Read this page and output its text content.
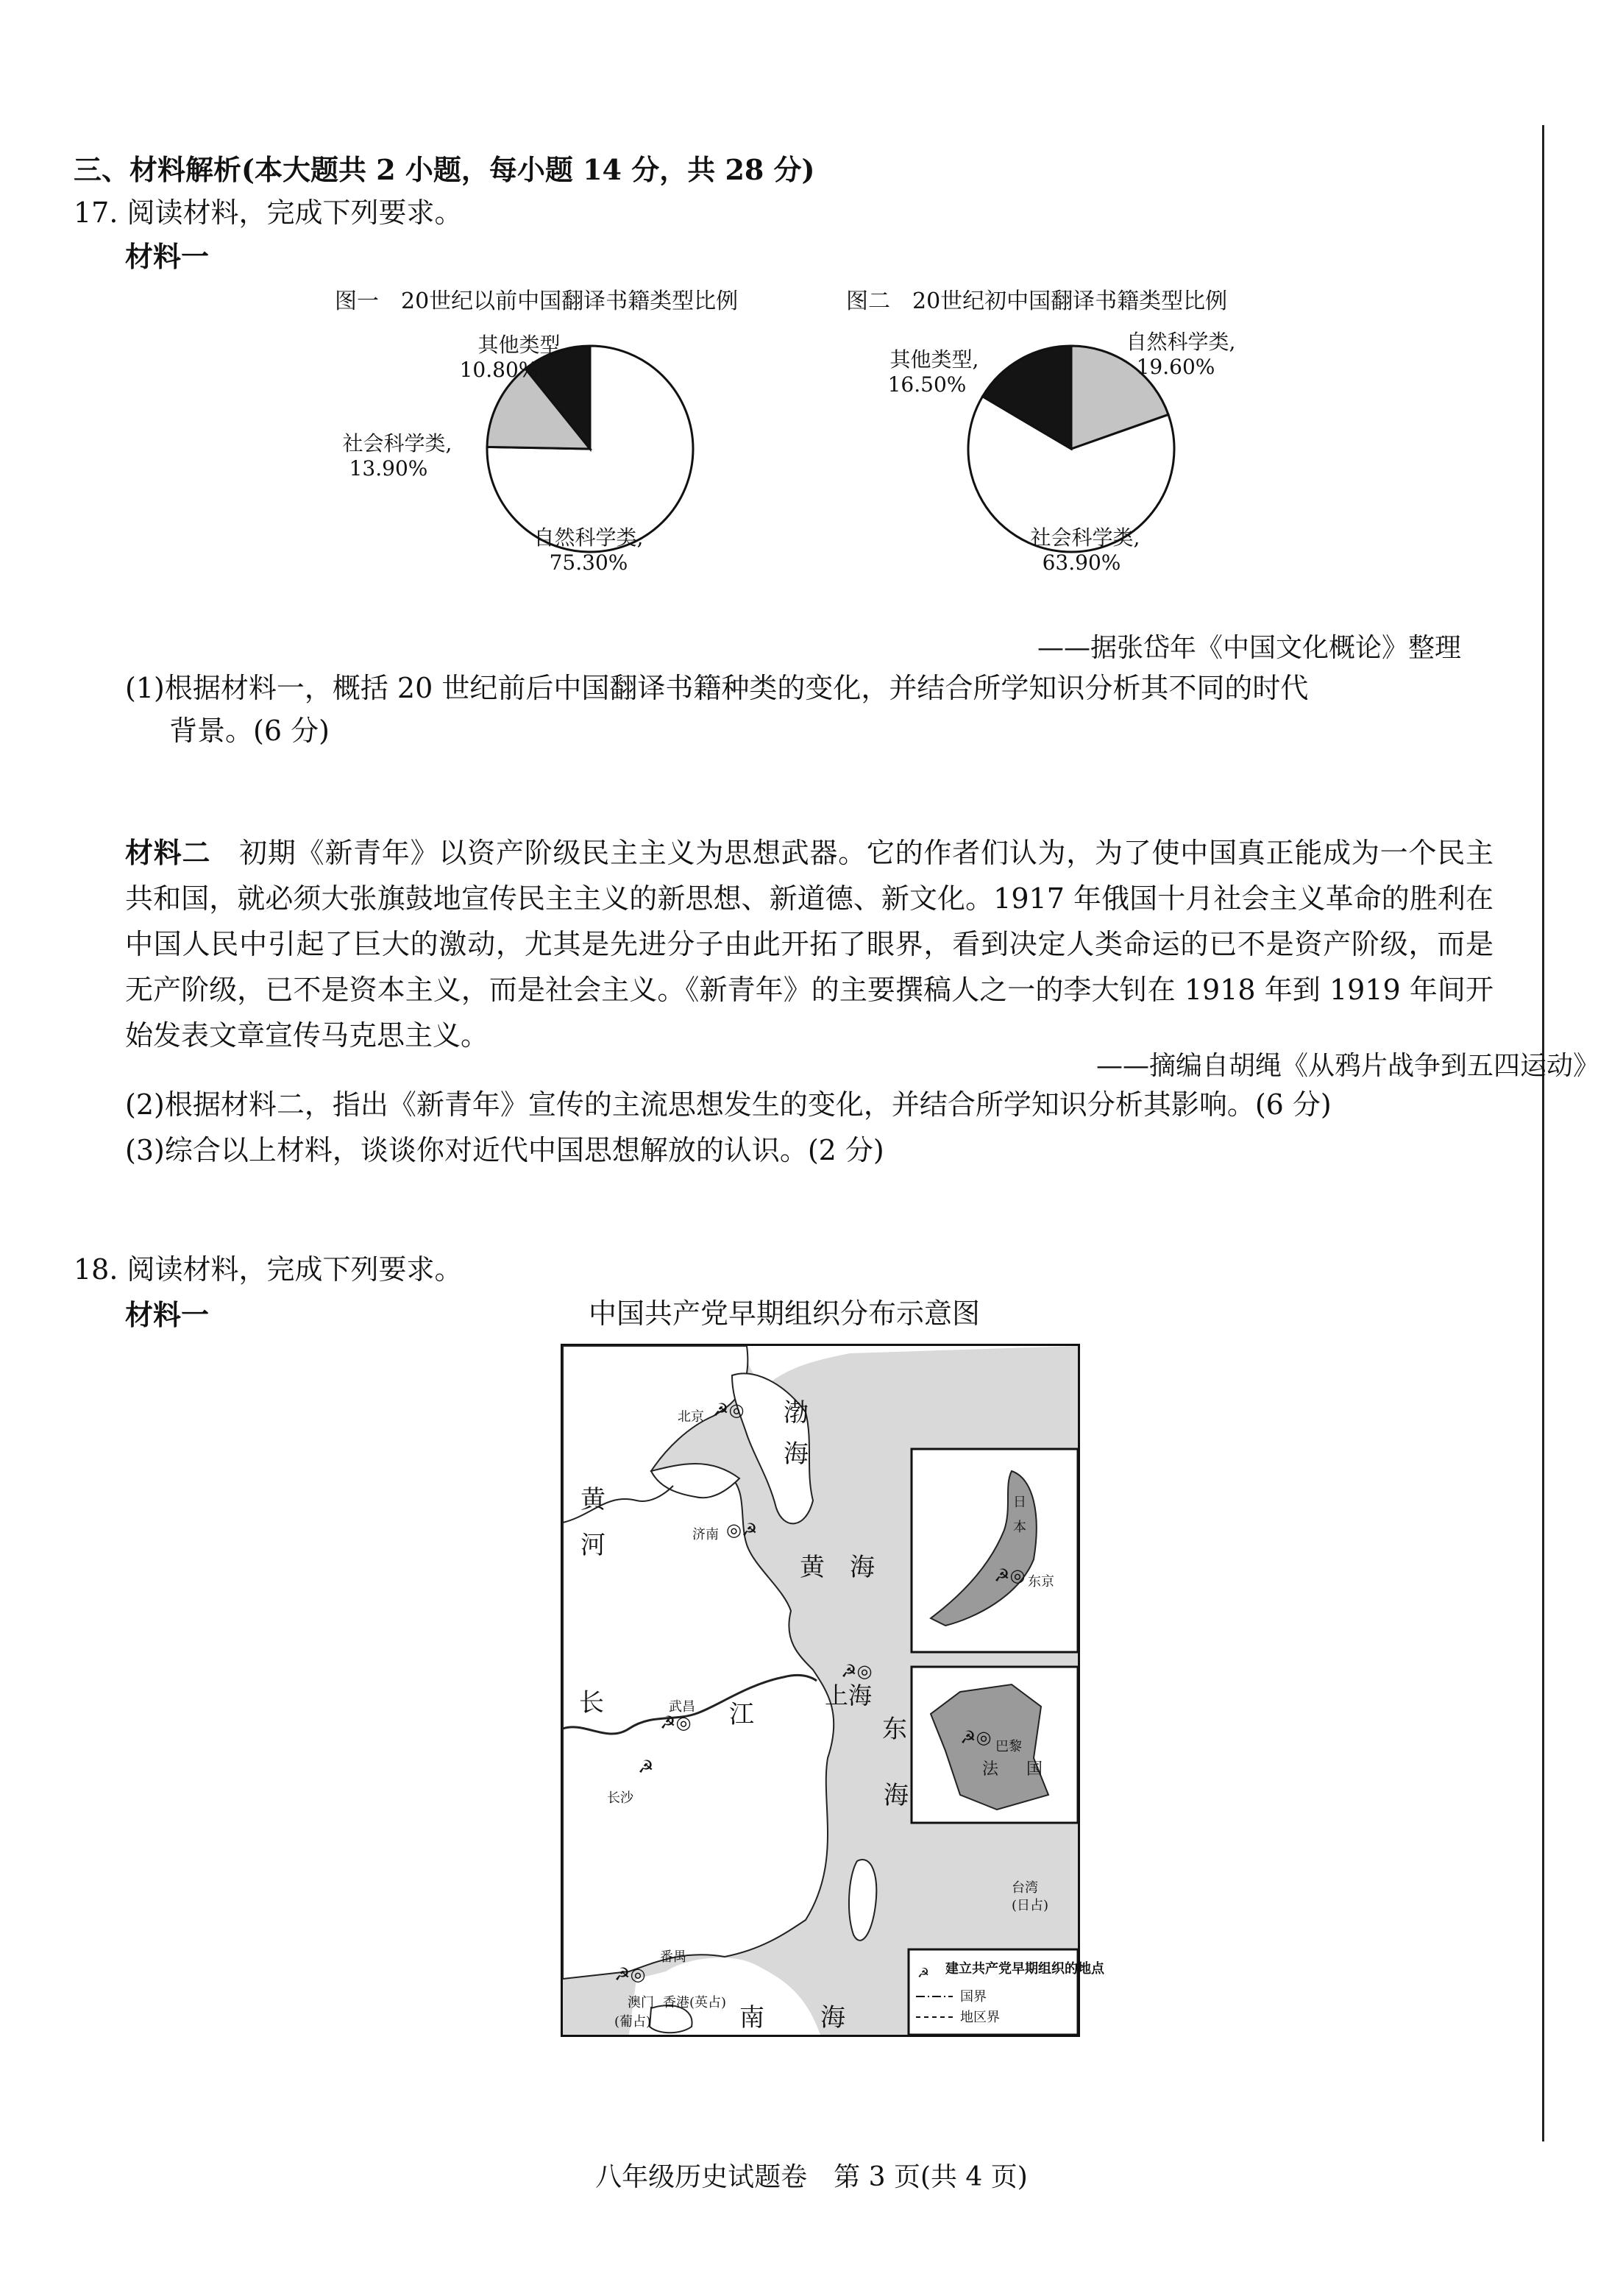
三、材料解析(本大题共 2 小题，每小题 14 分，共 28 分)
17. 阅读材料，完成下列要求。
材料一
图一　20世纪以前中国翻译书籍类型比例	图二　20世纪初中国翻译书籍类型比例
其他类型,
10.80%
社会科学类,
13.90%
自然科学类,
75.30%
其他类型,
16.50%
自然科学类,
19.60%
社会科学类,
63.90%
——据张岱年《中国文化概论》整理
(1)根据材料一，概括 20 世纪前后中国翻译书籍种类的变化，并结合所学知识分析其不同的时代
背景。(6 分)
材料二　 初期《新青年》以资产阶级民主主义为思想武器。它的作者们认为，为了使中国真正能成为一个民主共和国，就必须大张旗鼓地宣传民主主义的新思想、新道德、新文化。1917 年俄国十月社会主义革命的胜利在中国人民中引起了巨大的激动，尤其是先进分子由此开拓了眼界，看到决定人类命运的已不是资产阶级，而是无产阶级，已不是资本主义，而是社会主义。《新青年》的主要撰稿人之一的李大钊在 1918 年到 1919 年间开始发表文章宣传马克思主义。
——摘编自胡绳《从鸦片战争到五四运动》
(2)根据材料二，指出《新青年》宣传的主流思想发生的变化，并结合所学知识分析其影响。(6 分)
(3)综合以上材料，谈谈你对近代中国思想解放的认识。(2 分)
18. 阅读材料，完成下列要求。
材料一	中国共产党早期组织分布示意图
☭
☭◎
◎☭
☭◎
☭◎
☭
☭◎
☭◎
☭◎
北京
济南
武昌	上海
长沙
番禺
澳门 香港(英占)
(葡占)
东京
巴黎
日
本
法 国
台湾
(日占)
渤
海
黄
河
黄　海
长	江	东
海
南 海
建立共产党早期组织的地点
国界
地区界
八年级历史试题卷　第 3 页(共 4 页)
